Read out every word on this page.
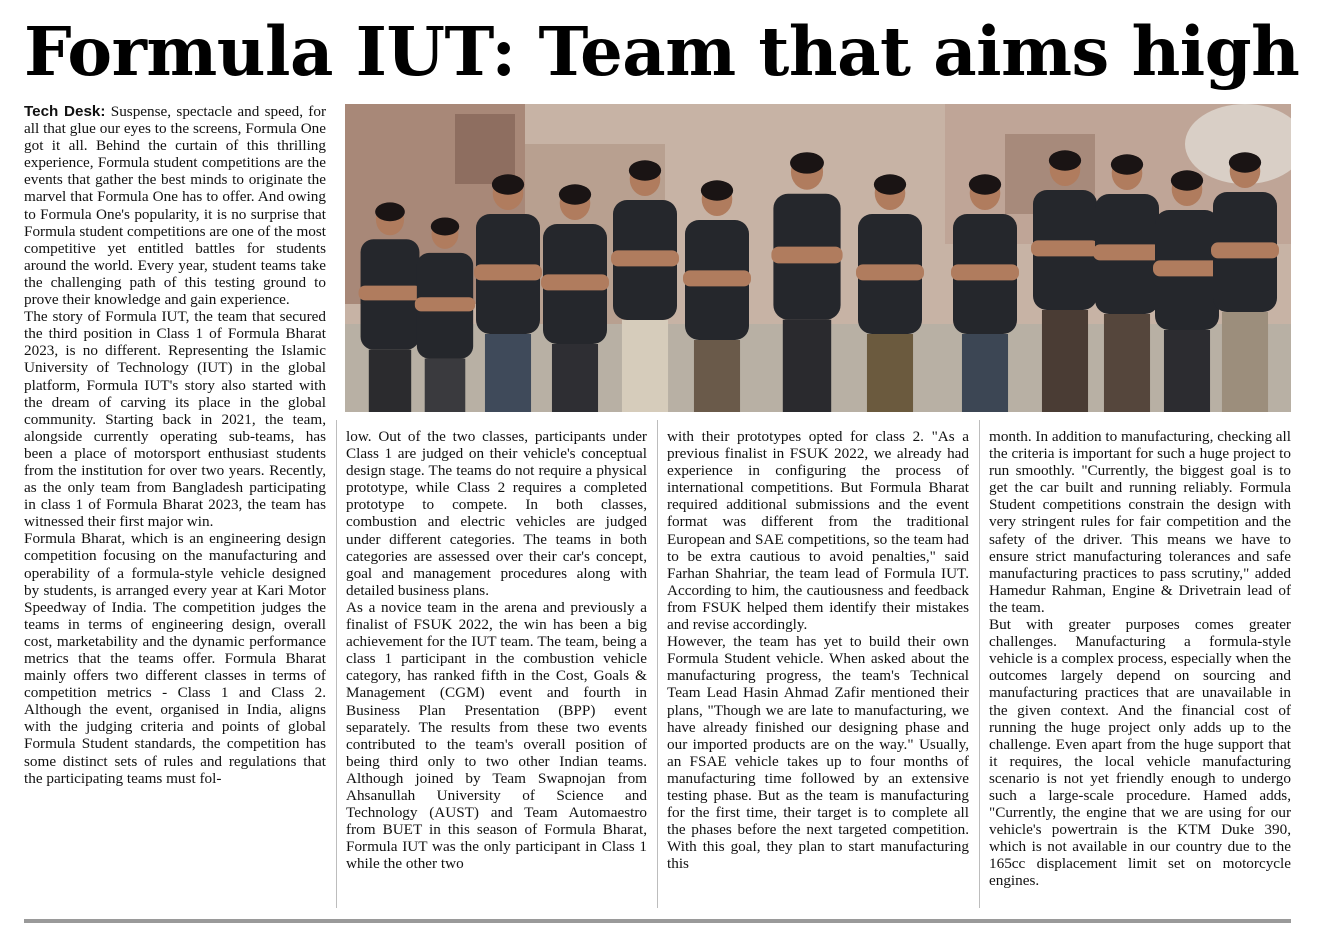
Formula IUT: Team that aims high

Tech Desk: Suspense, spectacle and speed, for all that glue our eyes to the screens, Formula One got it all. Behind the curtain of this thrilling experience, Formula student competitions are the events that gather the best minds to originate the marvel that Formula One has to offer. And owing to Formula One's popularity, it is no surprise that Formula student competitions are one of the most competitive yet entitled battles for students around the world. Every year, student teams take the challenging path of this testing ground to prove their knowledge and gain experience.

The story of Formula IUT, the team that secured the third position in Class 1 of Formula Bharat 2023, is no different. Representing the Islamic University of Technology (IUT) in the global platform, Formula IUT's story also started with the dream of carving its place in the global community. Starting back in 2021, the team, alongside currently operating sub-teams, has been a place of motorsport enthusiast students from the institution for over two years. Recently, as the only team from Bangladesh participating in class 1 of Formula Bharat 2023, the team has witnessed their first major win.

Formula Bharat, which is an engineering design competition focusing on the manufacturing and operability of a formula-style vehicle designed by students, is arranged every year at Kari Motor Speedway of India. The competition judges the teams in terms of engineering design, overall cost, marketability and the dynamic performance metrics that the teams offer. Formula Bharat mainly offers two different classes in terms of competition metrics - Class 1 and Class 2. Although the event, organised in India, aligns with the judging criteria and points of global Formula Student standards, the competition has some distinct sets of rules and regulations that the participating teams must fol-

low. Out of the two classes, participants under Class 1 are judged on their vehicle's conceptual design stage. The teams do not require a physical prototype, while Class 2 requires a completed prototype to compete. In both classes, combustion and electric vehicles are judged under different categories. The teams in both categories are assessed over their car's concept, goal and management procedures along with detailed business plans.

As a novice team in the arena and previously a finalist of FSUK 2022, the win has been a big achievement for the IUT team. The team, being a class 1 participant in the combustion vehicle category, has ranked fifth in the Cost, Goals & Management (CGM) event and fourth in Business Plan Presentation (BPP) event separately. The results from these two events contributed to the team's overall position of being third only to two other Indian teams. Although joined by Team Swapnojan from Ahsanullah University of Science and Technology (AUST) and Team Automaestro from BUET in this season of Formula Bharat, Formula IUT was the only participant in Class 1 while the other two

with their prototypes opted for class 2. "As a previous finalist in FSUK 2022, we already had experience in configuring the process of international competitions. But Formula Bharat required additional submissions and the event format was different from the traditional European and SAE competitions, so the team had to be extra cautious to avoid penalties," said Farhan Shahriar, the team lead of Formula IUT. According to him, the cautiousness and feedback from FSUK helped them identify their mistakes and revise accordingly.

However, the team has yet to build their own Formula Student vehicle. When asked about the manufacturing progress, the team's Technical Team Lead Hasin Ahmad Zafir mentioned their plans, "Though we are late to manufacturing, we have already finished our designing phase and our imported products are on the way." Usually, an FSAE vehicle takes up to four months of manufacturing time followed by an extensive testing phase. But as the team is manufacturing for the first time, their target is to complete all the phases before the next targeted competition. With this goal, they plan to start manufacturing this

month. In addition to manufacturing, checking all the criteria is important for such a huge project to run smoothly. "Currently, the biggest goal is to get the car built and running reliably. Formula Student competitions constrain the design with very stringent rules for fair competition and the safety of the driver. This means we have to ensure strict manufacturing tolerances and safe manufacturing practices to pass scrutiny," added Hamedur Rahman, Engine & Drivetrain lead of the team.

But with greater purposes comes greater challenges. Manufacturing a formula-style vehicle is a complex process, especially when the outcomes largely depend on sourcing and manufacturing practices that are unavailable in the given context. And the financial cost of running the huge project only adds up to the challenge. Even apart from the huge support that it requires, the local vehicle manufacturing scenario is not yet friendly enough to undergo such a large-scale procedure. Hamed adds, "Currently, the engine that we are using for our vehicle's powertrain is the KTM Duke 390, which is not available in our country due to the 165cc displacement limit set on motorcycle engines.
